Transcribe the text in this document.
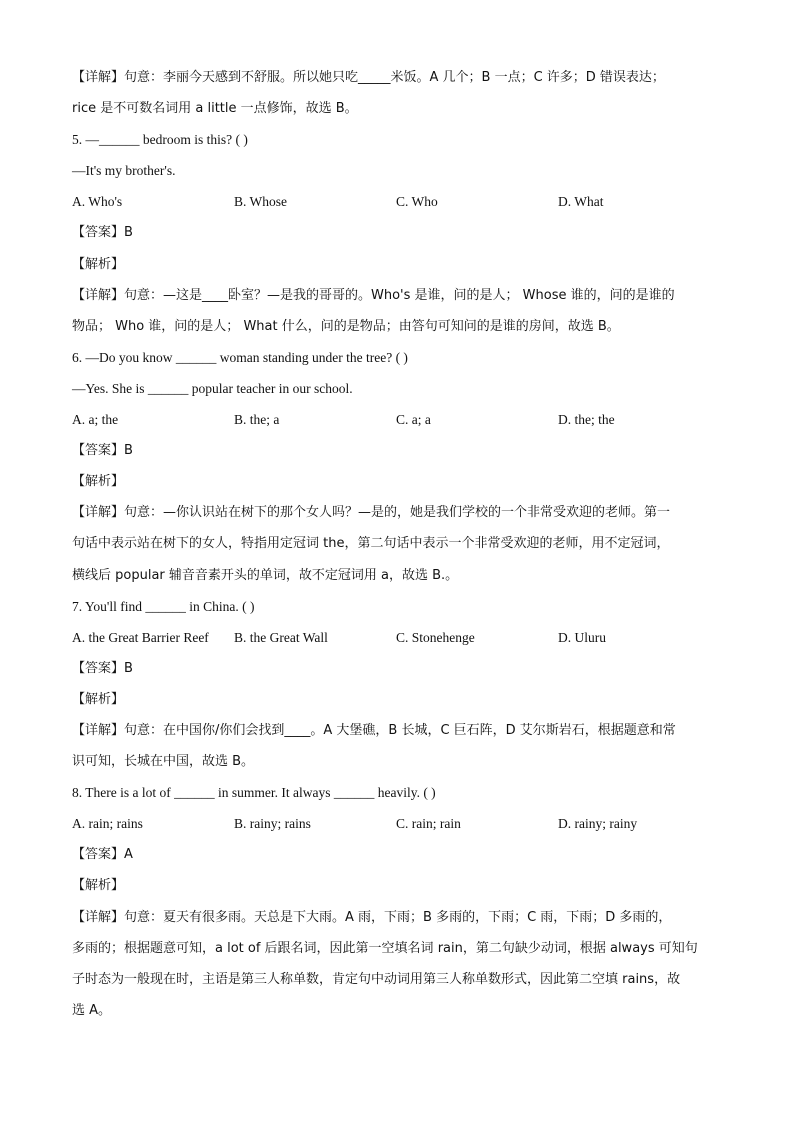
【详解】句意：李丽今天感到不舒服。所以她只吃_____米饭。A 几个；B 一点；C 许多；D 错误表达；
rice 是不可数名词用 a little 一点修饰，故选 B。
5. —______ bedroom is this? ( )
—It's my brother's.
A. Who's	B. Whose	C. Who	D. What
【答案】B
【解析】
【详解】句意：—这是____卧室？—是我的哥哥的。Who's 是谁，问的是人； Whose 谁的，问的是谁的
物品； Who 谁，问的是人； What 什么，问的是物品；由答句可知问的是谁的房间，故选 B。
6. —Do you know ______ woman standing under the tree? ( )
—Yes. She is ______ popular teacher in our school.
A. a; the	B. the; a	C. a; a	D. the; the
【答案】B
【解析】
【详解】句意：—你认识站在树下的那个女人吗？—是的，她是我们学校的一个非常受欢迎的老师。第一
句话中表示站在树下的女人，特指用定冠词 the，第二句话中表示一个非常受欢迎的老师，用不定冠词，
横线后 popular 辅音音素开头的单词，故不定冠词用 a，故选 B.。
7. You'll find ______ in China. ( )
A. the Great Barrier Reef	B. the Great Wall	C. Stonehenge	D. Uluru
【答案】B
【解析】
【详解】句意：在中国你/你们会找到____。A 大堡礁，B 长城，C 巨石阵，D 艾尔斯岩石，根据题意和常
识可知，长城在中国，故选 B。
8. There is a lot of ______ in summer. It always ______ heavily. ( )
A. rain; rains	B. rainy; rains	C. rain; rain	D. rainy; rainy
【答案】A
【解析】
【详解】句意：夏天有很多雨。天总是下大雨。A 雨，下雨；B 多雨的，下雨；C 雨，下雨；D 多雨的，
多雨的；根据题意可知，a lot of 后跟名词，因此第一空填名词 rain，第二句缺少动词，根据 always 可知句
子时态为一般现在时，主语是第三人称单数，肯定句中动词用第三人称单数形式，因此第二空填 rains，故
选 A。
